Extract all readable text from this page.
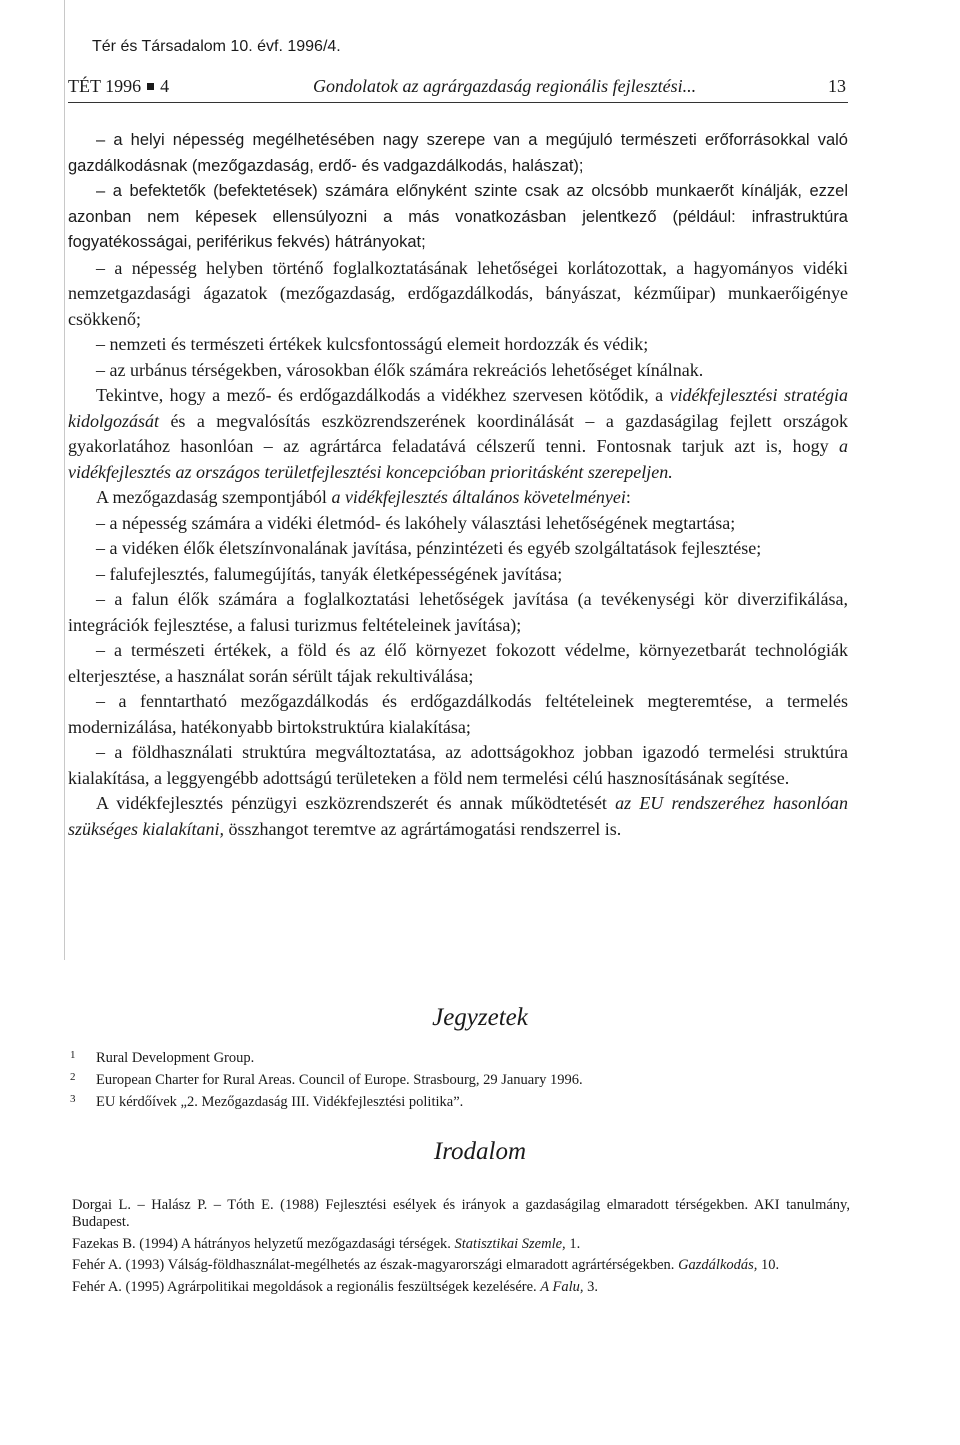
Tér és Társadalom 10. évf. 1996/4.
TÉT 1996 4	Gondolatok az agrárgazdaság regionális fejlesztési...	13

– a helyi népesség megélhetésében nagy szerepe van a megújuló természeti erőforrásokkal való gazdálkodásnak (mezőgazdaság, erdő- és vadgazdálkodás, halászat);

– a befektetők (befektetések) számára előnyként szinte csak az olcsóbb munkaerőt kínálják, ezzel azonban nem képesek ellensúlyozni a más vonatkozásban jelentkező (például: infrastruktúra fogyatékosságai, periférikus fekvés) hátrányokat;

– a népesség helyben történő foglalkoztatásának lehetőségei korlátozottak, a hagyományos vidéki nemzetgazdasági ágazatok (mezőgazdaság, erdőgazdálkodás, bányászat, kézműipar) munkaerőigénye csökkenő;

– nemzeti és természeti értékek kulcsfontosságú elemeit hordozzák és védik;

– az urbánus térségekben, városokban élők számára rekreációs lehetőséget kínálnak.

Tekintve, hogy a mező- és erdőgazdálkodás a vidékhez szervesen kötődik, a vidékfejlesztési stratégia kidolgozását és a megvalósítás eszközrendszerének koordinálását – a gazdaságilag fejlett országok gyakorlatához hasonlóan – az agrártárca feladatává célszerű tenni. Fontosnak tarjuk azt is, hogy a vidékfejlesztés az országos területfejlesztési koncepcióban prioritásként szerepeljen.

A mezőgazdaság szempontjából a vidékfejlesztés általános követelményei:

– a népesség számára a vidéki életmód- és lakóhely választási lehetőségének megtartása;

– a vidéken élők életszínvonalának javítása, pénzintézeti és egyéb szolgáltatások fejlesztése;

– falufejlesztés, falumegújítás, tanyák életképességének javítása;

– a falun élők számára a foglalkoztatási lehetőségek javítása (a tevékenységi kör diverzifikálása, integrációk fejlesztése, a falusi turizmus feltételeinek javítása);

– a természeti értékek, a föld és az élő környezet fokozott védelme, környezetbarát technológiák elterjesztése, a használat során sérült tájak rekultiválása;

– a fenntartható mezőgazdálkodás és erdőgazdálkodás feltételeinek megteremtése, a termelés modernizálása, hatékonyabb birtokstruktúra kialakítása;

– a földhasználati struktúra megváltoztatása, az adottságokhoz jobban igazodó termelési struktúra kialakítása, a leggyengébb adottságú területeken a föld nem termelési célú hasznosításának segítése.

A vidékfejlesztés pénzügyi eszközrendszerét és annak működtetését az EU rendszeréhez hasonlóan szükséges kialakítani, összhangot teremtve az agrártámogatási rendszerrel is.

Jegyzetek
1 Rural Development Group.
2 European Charter for Rural Areas. Council of Europe. Strasbourg, 29 January 1996.
3 EU kérdőívek „2. Mezőgazdaság III. Vidékfejlesztési politika”.
Irodalom
Dorgai L. – Halász P. – Tóth E. (1988) Fejlesztési esélyek és irányok a gazdaságilag elmaradott térségekben. AKI tanulmány, Budapest.
Fazekas B. (1994) A hátrányos helyzetű mezőgazdasági térségek. Statisztikai Szemle, 1.
Fehér A. (1993) Válság-földhasználat-megélhetés az észak-magyarországi elmaradott agrártérségekben. Gazdálkodás, 10.
Fehér A. (1995) Agrárpolitikai megoldások a regionális feszültségek kezelésére. A Falu, 3.
